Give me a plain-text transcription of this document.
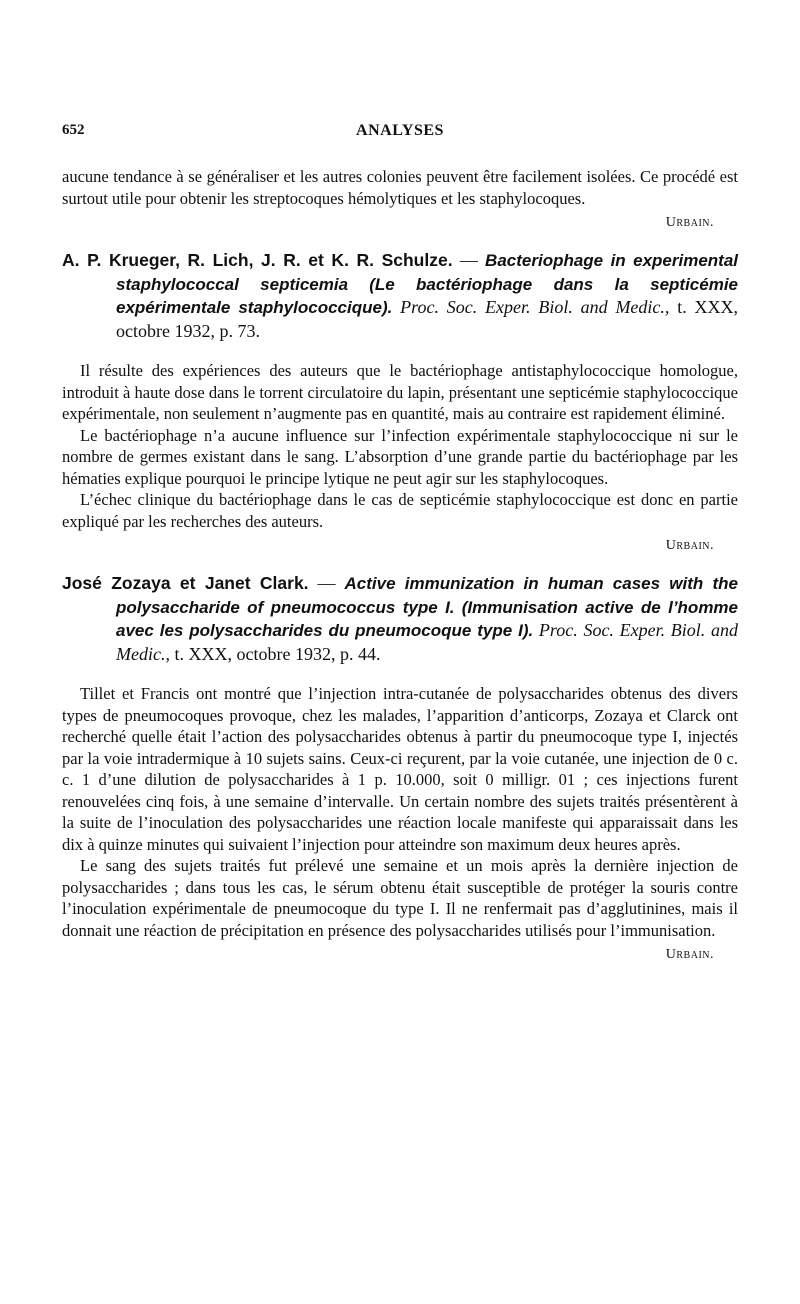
652	ANALYSES

aucune tendance à se généraliser et les autres colonies peuvent être facilement isolées. Ce procédé est surtout utile pour obtenir les streptocoques hémolytiques et les staphylocoques.

Urbain.

A. P. Krueger, R. Lich, J. R. et K. R. Schulze. — Bacteriophage in experimental staphylococcal septicemia (Le bactériophage dans la septicémie expérimentale staphylococcique). Proc. Soc. Exper. Biol. and Medic., t. XXX, octobre 1932, p. 73.

Il résulte des expériences des auteurs que le bactériophage antistaphylococcique homologue, introduit à haute dose dans le torrent circulatoire du lapin, présentant une septicémie staphylococcique expérimentale, non seulement n’augmente pas en quantité, mais au contraire est rapidement éliminé.

Le bactériophage n’a aucune influence sur l’infection expérimentale staphylococcique ni sur le nombre de germes existant dans le sang. L’absorption d’une grande partie du bactériophage par les hématies explique pourquoi le principe lytique ne peut agir sur les staphylocoques.

L’échec clinique du bactériophage dans le cas de septicémie staphylococcique est donc en partie expliqué par les recherches des auteurs.

Urbain.

José Zozaya et Janet Clark. — Active immunization in human cases with the polysaccharide of pneumococcus type I. (Immunisation active de l’homme avec les polysaccharides du pneumocoque type I). Proc. Soc. Exper. Biol. and Medic., t. XXX, octobre 1932, p. 44.

Tillet et Francis ont montré que l’injection intra-cutanée de polysaccharides obtenus des divers types de pneumocoques provoque, chez les malades, l’apparition d’anticorps, Zozaya et Clarck ont recherché quelle était l’action des polysaccharides obtenus à partir du pneumocoque type I, injectés par la voie intradermique à 10 sujets sains. Ceux-ci reçurent, par la voie cutanée, une injection de 0 c. c. 1 d’une dilution de polysaccharides à 1 p. 10.000, soit 0 milligr. 01 ; ces injections furent renouvelées cinq fois, à une semaine d’intervalle. Un certain nombre des sujets traités présentèrent à la suite de l’inoculation des polysaccharides une réaction locale manifeste qui apparaissait dans les dix à quinze minutes qui suivaient l’injection pour atteindre son maximum deux heures après.

Le sang des sujets traités fut prélevé une semaine et un mois après la dernière injection de polysaccharides ; dans tous les cas, le sérum obtenu était susceptible de protéger la souris contre l’inoculation expérimentale de pneumocoque du type I. Il ne renfermait pas d’agglutinines, mais il donnait une réaction de précipitation en présence des polysaccharides utilisés pour l’immunisation.

Urbain.
